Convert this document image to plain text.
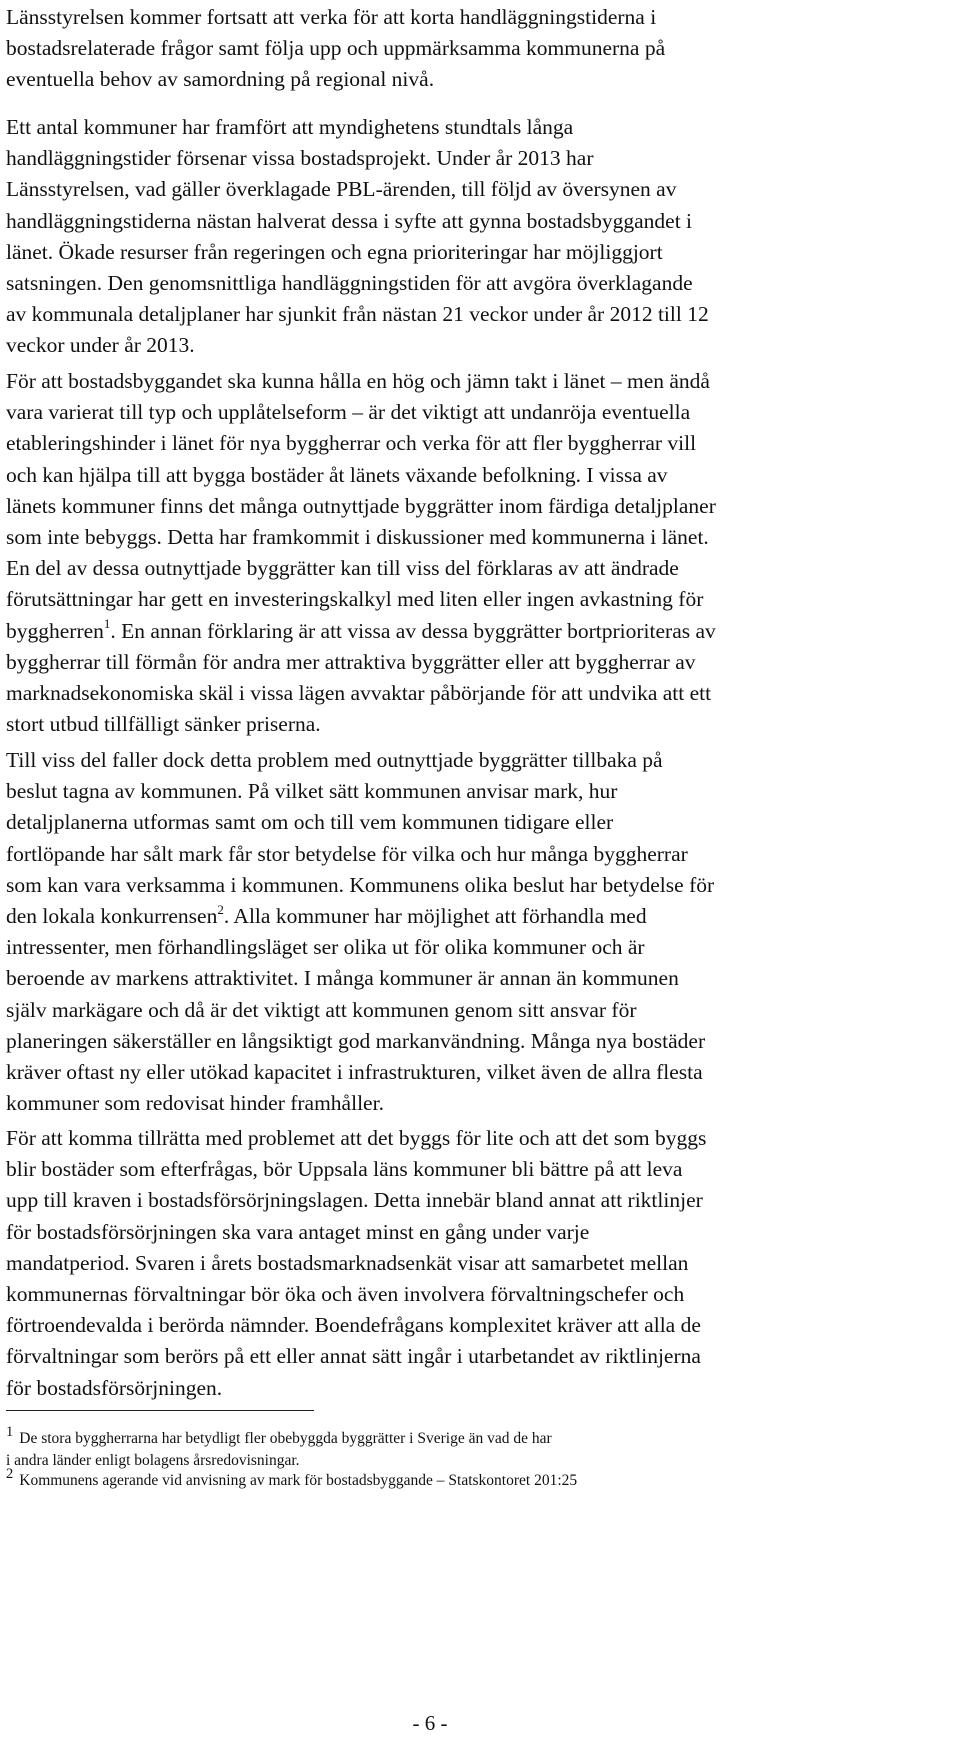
Länsstyrelsen kommer fortsatt att verka för att korta handläggningstiderna i
bostadsrelaterade frågor samt följa upp och uppmärksamma kommunerna på
eventuella behov av samordning på regional nivå.

Ett antal kommuner har framfört att myndighetens stundtals långa
handläggningstider försenar vissa bostadsprojekt. Under år 2013 har
Länsstyrelsen, vad gäller överklagade PBL-ärenden, till följd av översynen av
handläggningstiderna nästan halverat dessa i syfte att gynna bostadsbyggandet i
länet. Ökade resurser från regeringen och egna prioriteringar har möjliggjort
satsningen. Den genomsnittliga handläggningstiden för att avgöra överklagande
av kommunala detaljplaner har sjunkit från nästan 21 veckor under år 2012 till 12
veckor under år 2013.

För att bostadsbyggandet ska kunna hålla en hög och jämn takt i länet – men ändå
vara varierat till typ och upplåtelseform – är det viktigt att undanröja eventuella
etableringshinder i länet för nya byggherrar och verka för att fler byggherrar vill
och kan hjälpa till att bygga bostäder åt länets växande befolkning. I vissa av
länets kommuner finns det många outnyttjade byggrätter inom färdiga detaljplaner
som inte bebyggs. Detta har framkommit i diskussioner med kommunerna i länet.
En del av dessa outnyttjade byggrätter kan till viss del förklaras av att ändrade
förutsättningar har gett en investeringskalkyl med liten eller ingen avkastning för
byggherren$^1$. En annan förklaring är att vissa av dessa byggrätter bortprioriteras av
byggherrar till förmån för andra mer attraktiva byggrätter eller att byggherrar av
marknadsekonomiska skäl i vissa lägen avvaktar påbörjande för att undvika att ett
stort utbud tillfälligt sänker priserna.

Till viss del faller dock detta problem med outnyttjade byggrätter tillbaka på
beslut tagna av kommunen. På vilket sätt kommunen anvisar mark, hur
detaljplanerna utformas samt om och till vem kommunen tidigare eller
fortlöpande har sålt mark får stor betydelse för vilka och hur många byggherrar
som kan vara verksamma i kommunen. Kommunens olika beslut har betydelse för
den lokala konkurrensen$^2$. Alla kommuner har möjlighet att förhandla med
intressenter, men förhandlingsläget ser olika ut för olika kommuner och är
beroende av markens attraktivitet. I många kommuner är annan än kommunen
själv markägare och då är det viktigt att kommunen genom sitt ansvar för
planeringen säkerställer en långsiktigt god markanvändning. Många nya bostäder
kräver oftast ny eller utökad kapacitet i infrastrukturen, vilket även de allra flesta
kommuner som redovisat hinder framhåller.

För att komma tillrätta med problemet att det byggs för lite och att det som byggs
blir bostäder som efterfrågas, bör Uppsala läns kommuner bli bättre på att leva
upp till kraven i bostadsförsörjningslagen. Detta innebär bland annat att riktlinjer
för bostadsförsörjningen ska vara antaget minst en gång under varje
mandatperiod. Svaren i årets bostadsmarknadsenkät visar att samarbetet mellan
kommunernas förvaltningar bör öka och även involvera förvaltningschefer och
förtroendevalda i berörda nämnder. Boendefrågans komplexitet kräver att alla de
förvaltningar som berörs på ett eller annat sätt ingår i utarbetandet av riktlinjerna
för bostadsförsörjningen.

1 De stora byggherrarna har betydligt fler obebyggda byggrätter i Sverige än vad de har
i andra länder enligt bolagens årsredovisningar.

2 Kommunens agerande vid anvisning av mark för bostadsbyggande – Statskontoret 201:25

- 6 -
